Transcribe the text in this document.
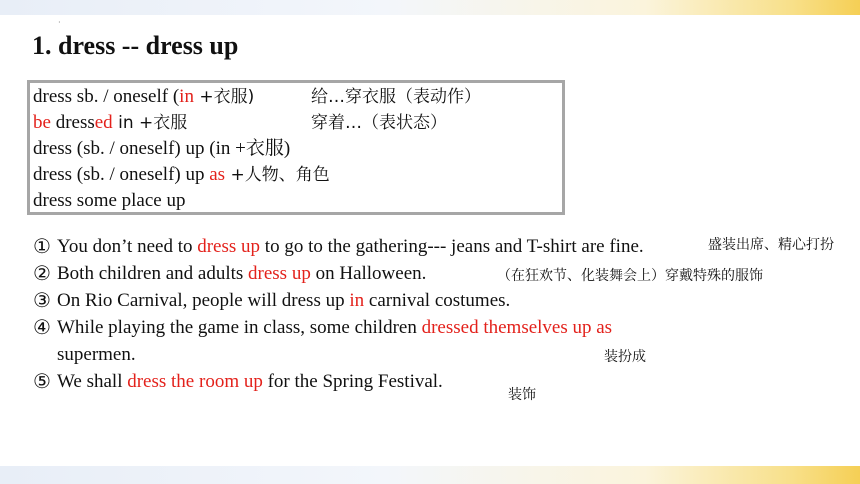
·
1. dress -- dress up
dress sb. / oneself (in +衣服)	给…穿衣服（表动作）
be dressed in +衣服	穿着…（表状态）
dress (sb. / oneself) up (in +衣服)
dress (sb. / oneself) up as +人物、角色
dress some place up
① You don’t need to dress up to go to the gathering--- jeans and T-shirt are fine.
② Both children and adults dress up on Halloween.
③ On Rio Carnival, people will dress up in carnival costumes.
④ While playing the game in class, some children dressed themselves up as
supermen.
⑤ We shall dress the room up for the Spring Festival.
盛装出席、精心打扮
（在狂欢节、化装舞会上）穿戴特殊的服饰
装扮成
装饰
